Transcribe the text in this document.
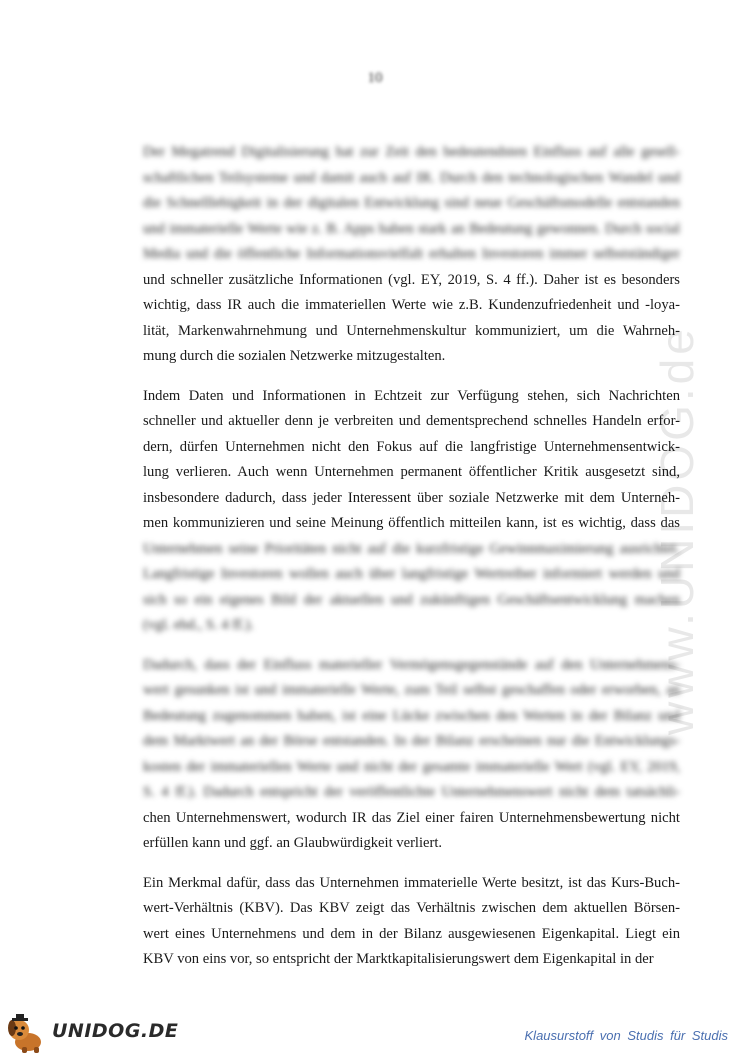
10
www.UNIDOG.de

Der Megatrend Digitalisierung hat zur Zeit den bedeutendsten Einfluss auf alle gesell-
schaftlichen Teilsysteme und damit auch auf IR. Durch den technologischen Wandel und
die Schnelllebigkeit in der digitalen Entwicklung sind neue Geschäftsmodelle entstanden
und immaterielle Werte wie z. B. Apps haben stark an Bedeutung gewonnen. Durch social
Media und die öffentliche Informationsvielfalt erhalten Investoren immer selbstständiger
und schneller zusätzliche Informationen (vgl. EY, 2019, S. 4 ff.). Daher ist es besonders
wichtig, dass IR auch die immateriellen Werte wie z.B. Kundenzufriedenheit und -loya-
lität, Markenwahrnehmung und Unternehmenskultur kommuniziert, um die Wahrneh-
mung durch die sozialen Netzwerke mitzugestalten.

Indem Daten und Informationen in Echtzeit zur Verfügung stehen, sich Nachrichten
schneller und aktueller denn je verbreiten und dementsprechend schnelles Handeln erfor-
dern, dürfen Unternehmen nicht den Fokus auf die langfristige Unternehmensentwick-
lung verlieren. Auch wenn Unternehmen permanent öffentlicher Kritik ausgesetzt sind,
insbesondere dadurch, dass jeder Interessent über soziale Netzwerke mit dem Unterneh-
men kommunizieren und seine Meinung öffentlich mitteilen kann, ist es wichtig, dass das
Unternehmen seine Prioritäten nicht auf die kurzfristige Gewinnmaximierung ausrichtet.
Langfristige Investoren wollen auch über langfristige Wertreiber informiert werden und
sich so ein eigenes Bild der aktuellen und zukünftigen Geschäftsentwicklung machen
(vgl. ebd., S. 4 ff.).

Dadurch, dass der Einfluss materieller Vermögensgegenstände auf den Unternehmens-
wert gesunken ist und immaterielle Werte, zum Teil selbst geschaffen oder erworben, an
Bedeutung zugenommen haben, ist eine Lücke zwischen den Werten in der Bilanz und
dem Marktwert an der Börse entstanden. In der Bilanz erscheinen nur die Entwicklungs-
kosten der immateriellen Werte und nicht der gesamte immaterielle Wert (vgl. EY, 2019,
S. 4 ff.). Dadurch entspricht der veröffentlichte Unternehmenswert nicht dem tatsächli-
chen Unternehmenswert, wodurch IR das Ziel einer fairen Unternehmensbewertung nicht
erfüllen kann und ggf. an Glaubwürdigkeit verliert.

Ein Merkmal dafür, dass das Unternehmen immaterielle Werte besitzt, ist das Kurs-Buch-
wert-Verhältnis (KBV). Das KBV zeigt das Verhältnis zwischen dem aktuellen Börsen-
wert eines Unternehmens und dem in der Bilanz ausgewiesenen Eigenkapital. Liegt ein
KBV von eins vor, so entspricht der Marktkapitalisierungswert dem Eigenkapital in der

UNIDOG.DE	Klausurstoff von Studis für Studis
